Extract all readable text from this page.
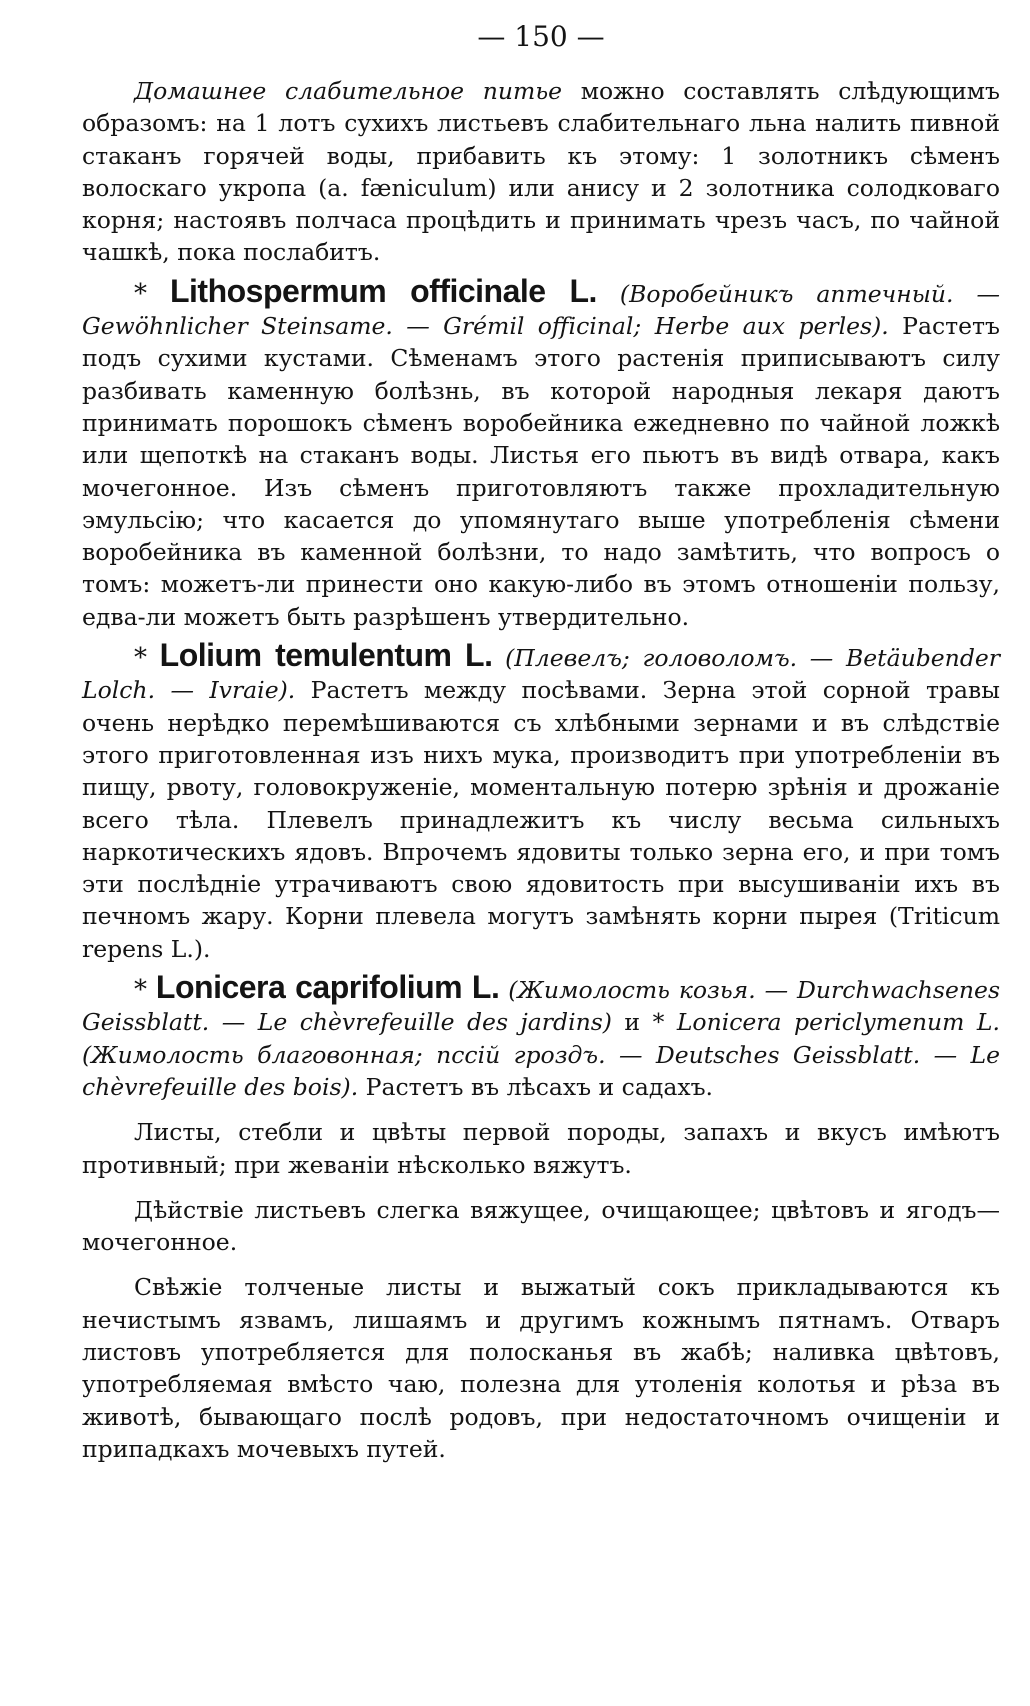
— 150 —

Домашнее слабительное питье можно составлять слѣдующимъ образомъ: на 1 лотъ сухихъ листьевъ слабительнаго льна налить пивной стаканъ горячей воды, прибавить къ этому: 1 золотникъ сѣменъ волоскаго укропа (a. fæniculum) или анису и 2 золотника солодковаго корня; настоявъ полчаса процѣдить и принимать чрезъ часъ, по чайной чашкѣ, пока послабитъ.

* Lithospermum officinale L. (Воробейникъ аптечный. — Gewöhnlicher Steinsame. — Grémil officinal; Herbe aux perles). Растетъ подъ сухими кустами. Сѣменамъ этого растенія приписываютъ силу разбивать каменную болѣзнь, въ которой народныя лекаря даютъ принимать порошокъ сѣменъ воробейника ежедневно по чайной ложкѣ или щепоткѣ на стаканъ воды. Листья его пьютъ въ видѣ отвара, какъ мочегонное. Изъ сѣменъ приготовляютъ также прохладительную эмульсію; что касается до упомянутаго выше употребленія сѣмени воробейника въ каменной болѣзни, то надо замѣтить, что вопросъ о томъ: можетъ-ли принести оно какую-либо въ этомъ отношеніи пользу, едва-ли можетъ быть разрѣшенъ утвердительно.

* Lolium temulentum L. (Плевелъ; головоломъ. — Betäubender Lolch. — Ivraie). Растетъ между посѣвами. Зерна этой сорной травы очень нерѣдко перемѣшиваются съ хлѣбными зернами и въ слѣдствіе этого приготовленная изъ нихъ мука, производитъ при употребленіи въ пищу, рвоту, головокруженіе, моментальную потерю зрѣнія и дрожаніе всего тѣла. Плевелъ принадлежитъ къ числу весьма сильныхъ наркотическихъ ядовъ. Впрочемъ ядовиты только зерна его, и при томъ эти послѣдніе утрачиваютъ свою ядовитость при высушиваніи ихъ въ печномъ жару. Корни плевела могутъ замѣнять корни пырея (Triticum repens L.).

* Lonicera caprifolium L. (Жимолость козья. — Durchwachsenes Geissblatt. — Le chèvrefeuille des jardins) и * Lonicera periclymenum L. (Жимолость благовонная; пссій гроздъ. — Deutsches Geissblatt. — Le chèvrefeuille des bois). Растетъ въ лѣсахъ и садахъ.

Листы, стебли и цвѣты первой породы, запахъ и вкусъ имѣютъ противный; при жеваніи нѣсколько вяжутъ.

Дѣйствіе листьевъ слегка вяжущее, очищающее; цвѣтовъ и ягодъ—мочегонное.

Свѣжіе толченые листы и выжатый сокъ прикладываются къ нечистымъ язвамъ, лишаямъ и другимъ кожнымъ пятнамъ. Отваръ листовъ употребляется для полосканья въ жабѣ; наливка цвѣтовъ, употребляемая вмѣсто чаю, полезна для утоленія колотья и рѣза въ животѣ, бывающаго послѣ родовъ, при недостаточномъ очищеніи и припадкахъ мочевыхъ путей.
